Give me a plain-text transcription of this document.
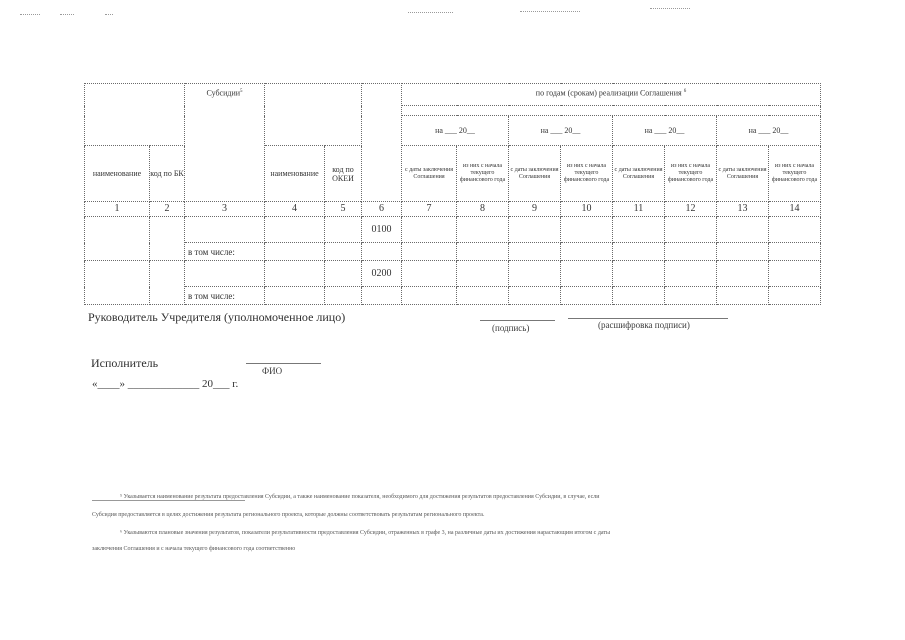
		Субсидии$^5$				по годам (срокам) реализации Соглашения $^6$

						на ___ 20__		на ___ 20__		на ___ 20__		на ___ 20__	
наименование	код по БК		наименование	код по ОКЕИ		с даты заключения Соглашения	из них с начала текущего финансового года	с даты заключения Соглашения	из них с начала текущего финансового года	с даты заключения Соглашения	из них с начала текущего финансового года	с даты заключения Соглашения	из них с начала текущего финансового года
1	2	3	4	5	6	7	8	9	10	11	12	13	14
					0100								
		в том числе:											
					0200								
		в том числе:											
Руководитель Учредителя (уполномоченное лицо)
(подпись)	(расшифровка подписи)
Исполнитель
ФИО
«____» _____________ 20___ г.
⁵ Указывается наименование результата предоставления Субсидии, а также наименование показателя, необходимого для достижения результатов предоставления Субсидии, в случае, если
Субсидия предоставляется в целях достижения результата регионального проекта, которые должны соответствовать результатам регионального проекта.
⁶ Указываются плановые значения результатов, показатели результативности предоставления Субсидии, отраженных в графе 3, на различные даты их достижения нарастающим итогом с даты
заключения Соглашения и с начала текущего финансового года соответственно
